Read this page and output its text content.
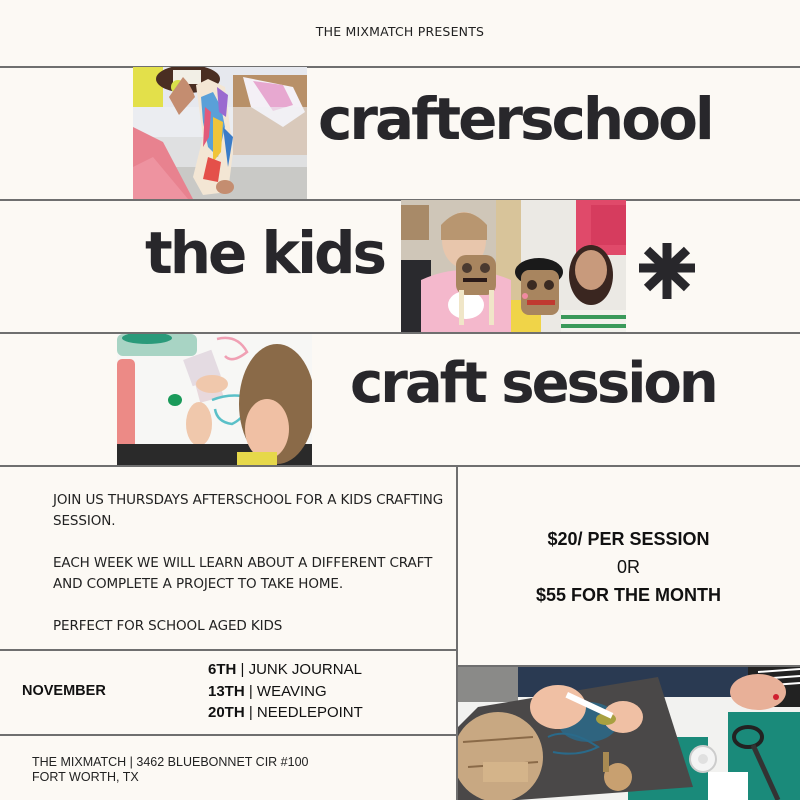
THE MIXMATCH PRESENTS
crafterschool
the kids
craft session

JOIN US THURSDAYS AFTERSCHOOL FOR A KIDS CRAFTING SESSION.

EACH WEEK WE WILL LEARN ABOUT A DIFFERENT CRAFT AND COMPLETE A PROJECT TO TAKE HOME.

PERFECT FOR SCHOOL AGED KIDS

$20/ PER SESSION
0R
$55 FOR THE MONTH
NOVEMBER
6TH | JUNK JOURNAL
13TH | WEAVING
20TH | NEEDLEPOINT
THE MIXMATCH | 3462 BLUEBONNET CIR #100
FORT WORTH, TX
